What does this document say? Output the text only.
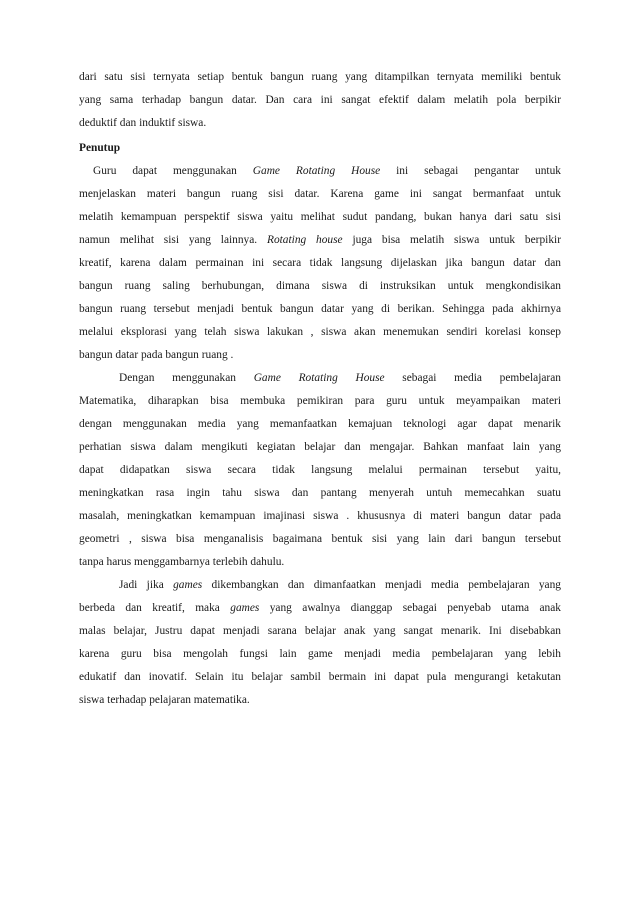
dari satu sisi ternyata setiap bentuk bangun ruang yang ditampilkan ternyata memiliki bentuk
yang sama terhadap bangun datar. Dan cara ini sangat efektif dalam melatih pola berpikir
deduktif dan induktif siswa.
Penutup
Guru dapat menggunakan Game Rotating House ini sebagai pengantar untuk
menjelaskan materi bangun ruang sisi datar. Karena game ini sangat bermanfaat untuk
melatih kemampuan perspektif siswa yaitu melihat sudut pandang, bukan hanya dari satu sisi
namun melihat sisi yang lainnya. Rotating house juga bisa melatih siswa untuk berpikir
kreatif, karena dalam permainan ini secara tidak langsung dijelaskan jika bangun datar dan
bangun ruang saling berhubungan, dimana siswa di instruksikan untuk mengkondisikan
bangun ruang tersebut menjadi bentuk bangun datar yang di berikan. Sehingga pada akhirnya
melalui eksplorasi yang telah siswa lakukan , siswa akan menemukan sendiri korelasi konsep
bangun datar pada bangun ruang .
Dengan menggunakan Game Rotating House sebagai media pembelajaran
Matematika, diharapkan bisa membuka pemikiran para guru untuk meyampaikan materi
dengan menggunakan media yang memanfaatkan kemajuan teknologi agar dapat menarik
perhatian siswa dalam mengikuti kegiatan belajar dan mengajar. Bahkan manfaat lain yang
dapat didapatkan siswa secara tidak langsung melalui permainan tersebut yaitu,
meningkatkan rasa ingin tahu siswa dan pantang menyerah untuh memecahkan suatu
masalah, meningkatkan kemampuan imajinasi siswa . khususnya di materi bangun datar pada
geometri , siswa bisa menganalisis bagaimana bentuk sisi yang lain dari bangun tersebut
tanpa harus menggambarnya terlebih dahulu.
Jadi jika games dikembangkan dan dimanfaatkan menjadi media pembelajaran yang
berbeda dan kreatif, maka games yang awalnya dianggap sebagai penyebab utama anak
malas belajar, Justru dapat menjadi sarana belajar anak yang sangat menarik. Ini disebabkan
karena guru bisa mengolah fungsi lain game menjadi media pembelajaran yang lebih
edukatif dan inovatif. Selain itu belajar sambil bermain ini dapat pula mengurangi ketakutan
siswa terhadap pelajaran matematika.
